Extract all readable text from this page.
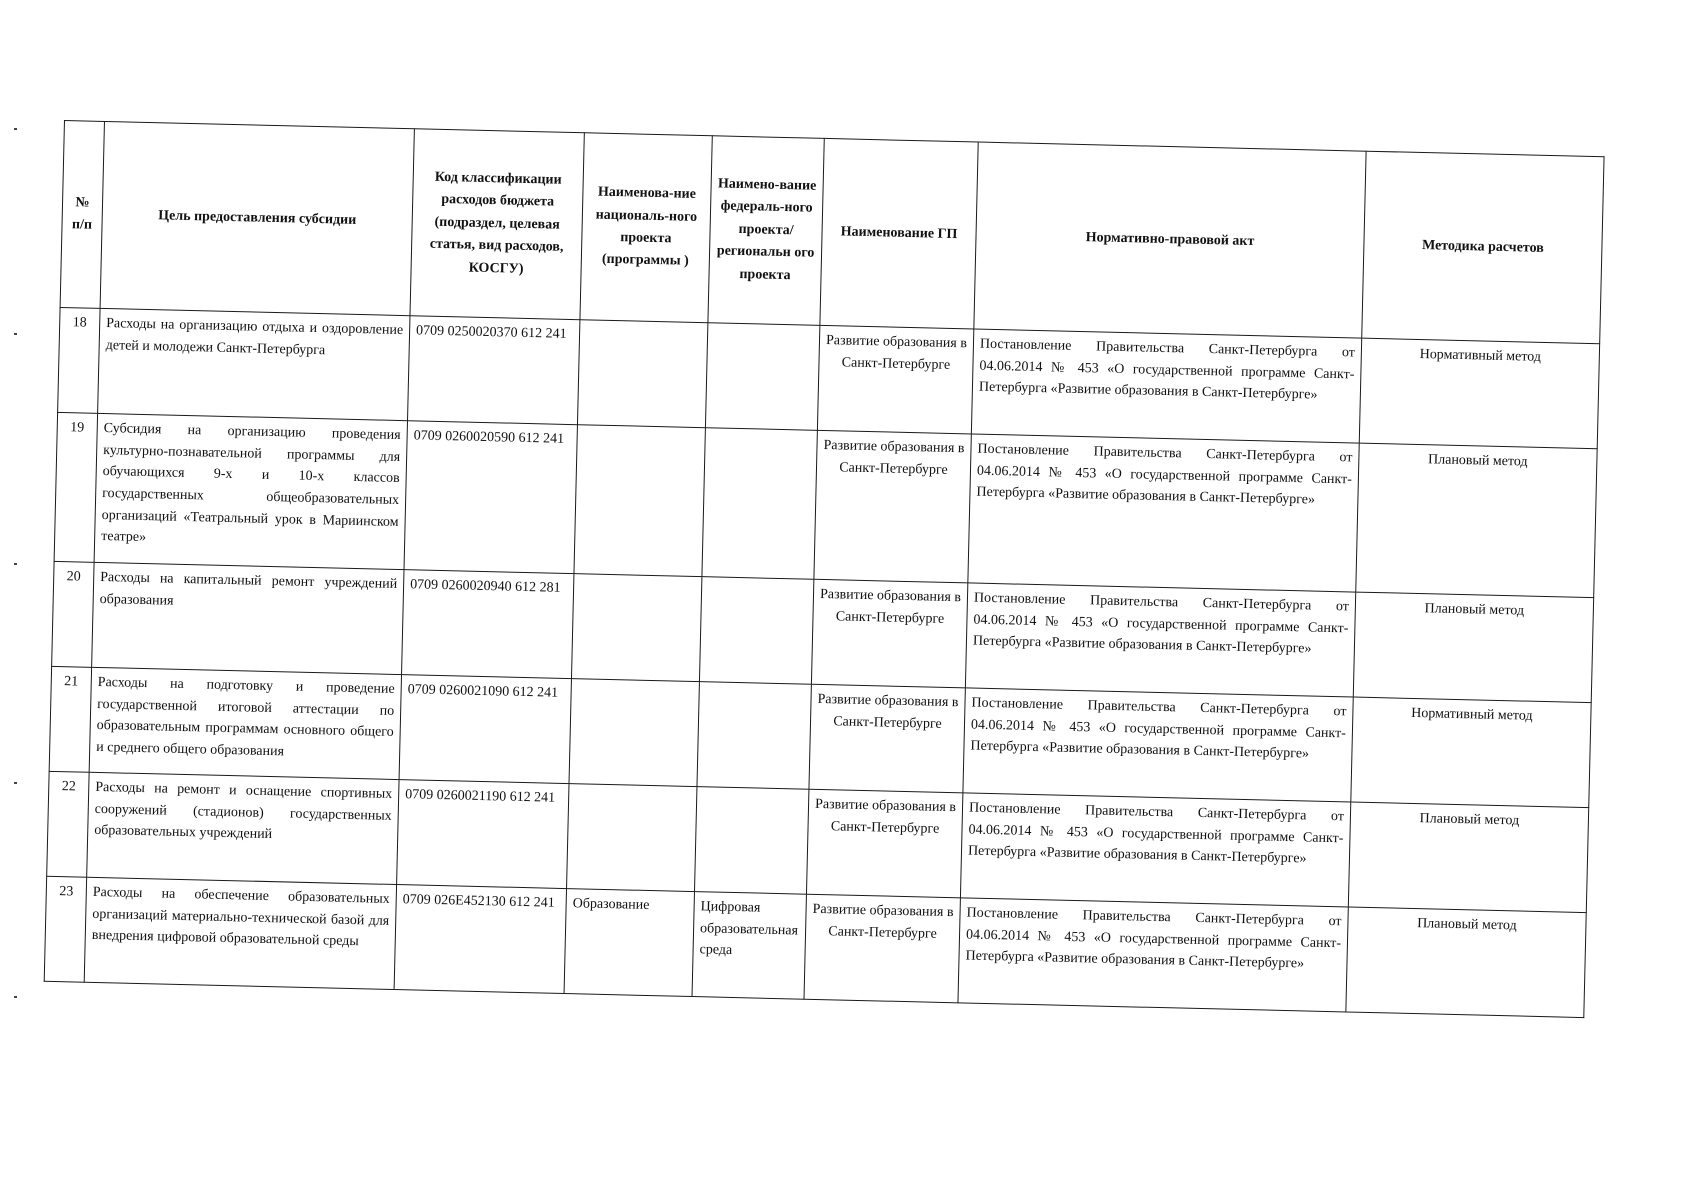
№ п/п	Цель предоставления субсидии	Код классификации расходов бюджета (подраздел, целевая статья, вид расходов, КОСГУ)	Наименова-ние националь-ного проекта (программы )	Наимено-вание федераль-ного проекта/ региональн ого проекта	Наименование ГП	Нормативно-правовой акт	Методика расчетов
18	Расходы на организацию отдыха и оздоровление детей и молодежи Санкт-Петербурга	0709 0250020370 612 241			Развитие образования в Санкт-Петербурге	Постановление Правительства Санкт-Петербурга от 04.06.2014 № 453 «О государственной программе Санкт-Петербурга «Развитие образования в Санкт-Петербурге»	Нормативный метод
19	Субсидия на организацию проведения культурно-познавательной программы для обучающихся 9-х и 10-х классов государственных общеобразовательных организаций «Театральный урок в Мариинском театре»	0709 0260020590 612 241			Развитие образования в Санкт-Петербурге	Постановление Правительства Санкт-Петербурга от 04.06.2014 № 453 «О государственной программе Санкт-Петербурга «Развитие образования в Санкт-Петербурге»	Плановый метод
20	Расходы на капитальный ремонт учреждений образования	0709 0260020940 612 281			Развитие образования в Санкт-Петербурге	Постановление Правительства Санкт-Петербурга от 04.06.2014 № 453 «О государственной программе Санкт-Петербурга «Развитие образования в Санкт-Петербурге»	Плановый метод
21	Расходы на подготовку и проведение государственной итоговой аттестации по образовательным программам основного общего и среднего общего образования	0709 0260021090 612 241			Развитие образования в Санкт-Петербурге	Постановление Правительства Санкт-Петербурга от 04.06.2014 № 453 «О государственной программе Санкт-Петербурга «Развитие образования в Санкт-Петербурге»	Нормативный метод
22	Расходы на ремонт и оснащение спортивных сооружений (стадионов) государственных образовательных учреждений	0709 0260021190 612 241			Развитие образования в Санкт-Петербурге	Постановление Правительства Санкт-Петербурга от 04.06.2014 № 453 «О государственной программе Санкт-Петербурга «Развитие образования в Санкт-Петербурге»	Плановый метод
23	Расходы на обеспечение образовательных организаций материально-технической базой для внедрения цифровой образовательной среды	0709 026E452130 612 241	Образование	Цифровая образовательная среда	Развитие образования в Санкт-Петербурге	Постановление Правительства Санкт-Петербурга от 04.06.2014 № 453 «О государственной программе Санкт-Петербурга «Развитие образования в Санкт-Петербурге»	Плановый метод
